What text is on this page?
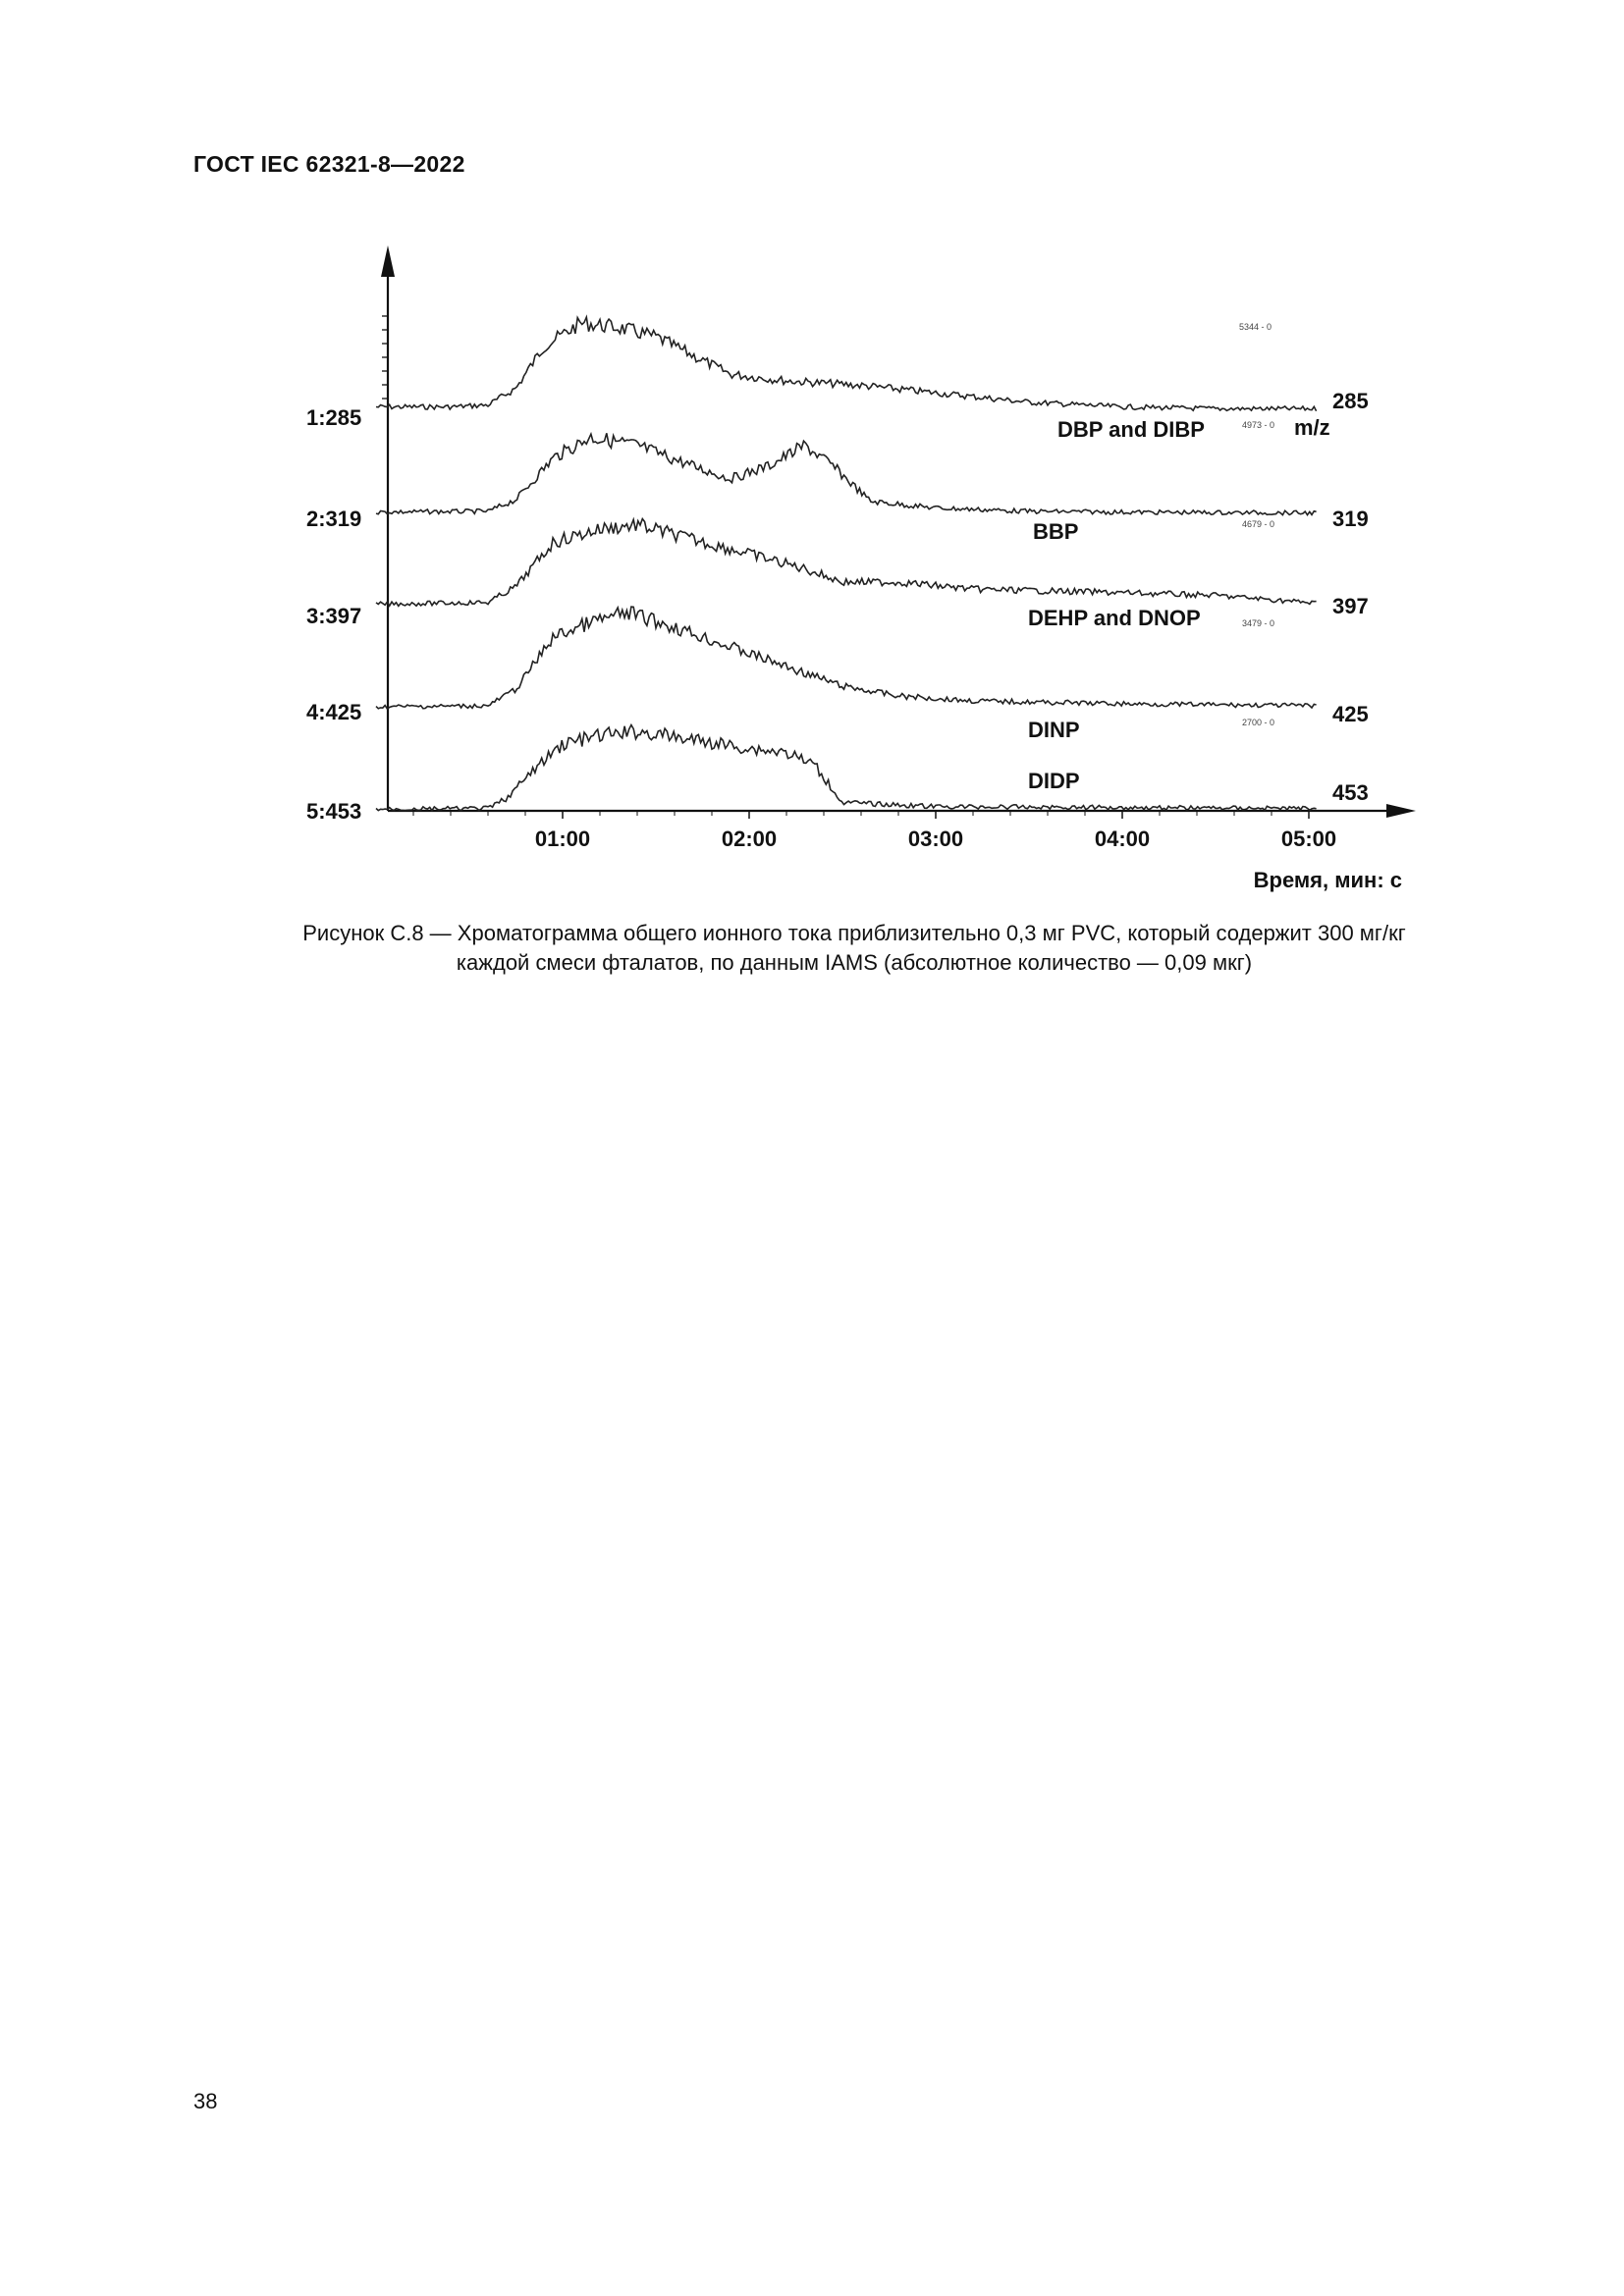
ГОСТ IEC 62321-8—2022
1:285
2:319
3:397
4:425
5:453
01:00	02:00	03:00	04:00	05:00
Время, мин: с
DBP and DIBP
BBP
DEHP and DNOP
DINP
DIDP
285
m/z
319
397
425
453
5344 - 0
4973 - 0
4679 - 0
3479 - 0
2700 - 0
Рисунок С.8 — Хроматограмма общего ионного тока приблизительно 0,3 мг PVC, который содержит 300 мг/кг
каждой смеси фталатов, по данным IAMS (абсолютное количество — 0,09 мкг)
38
